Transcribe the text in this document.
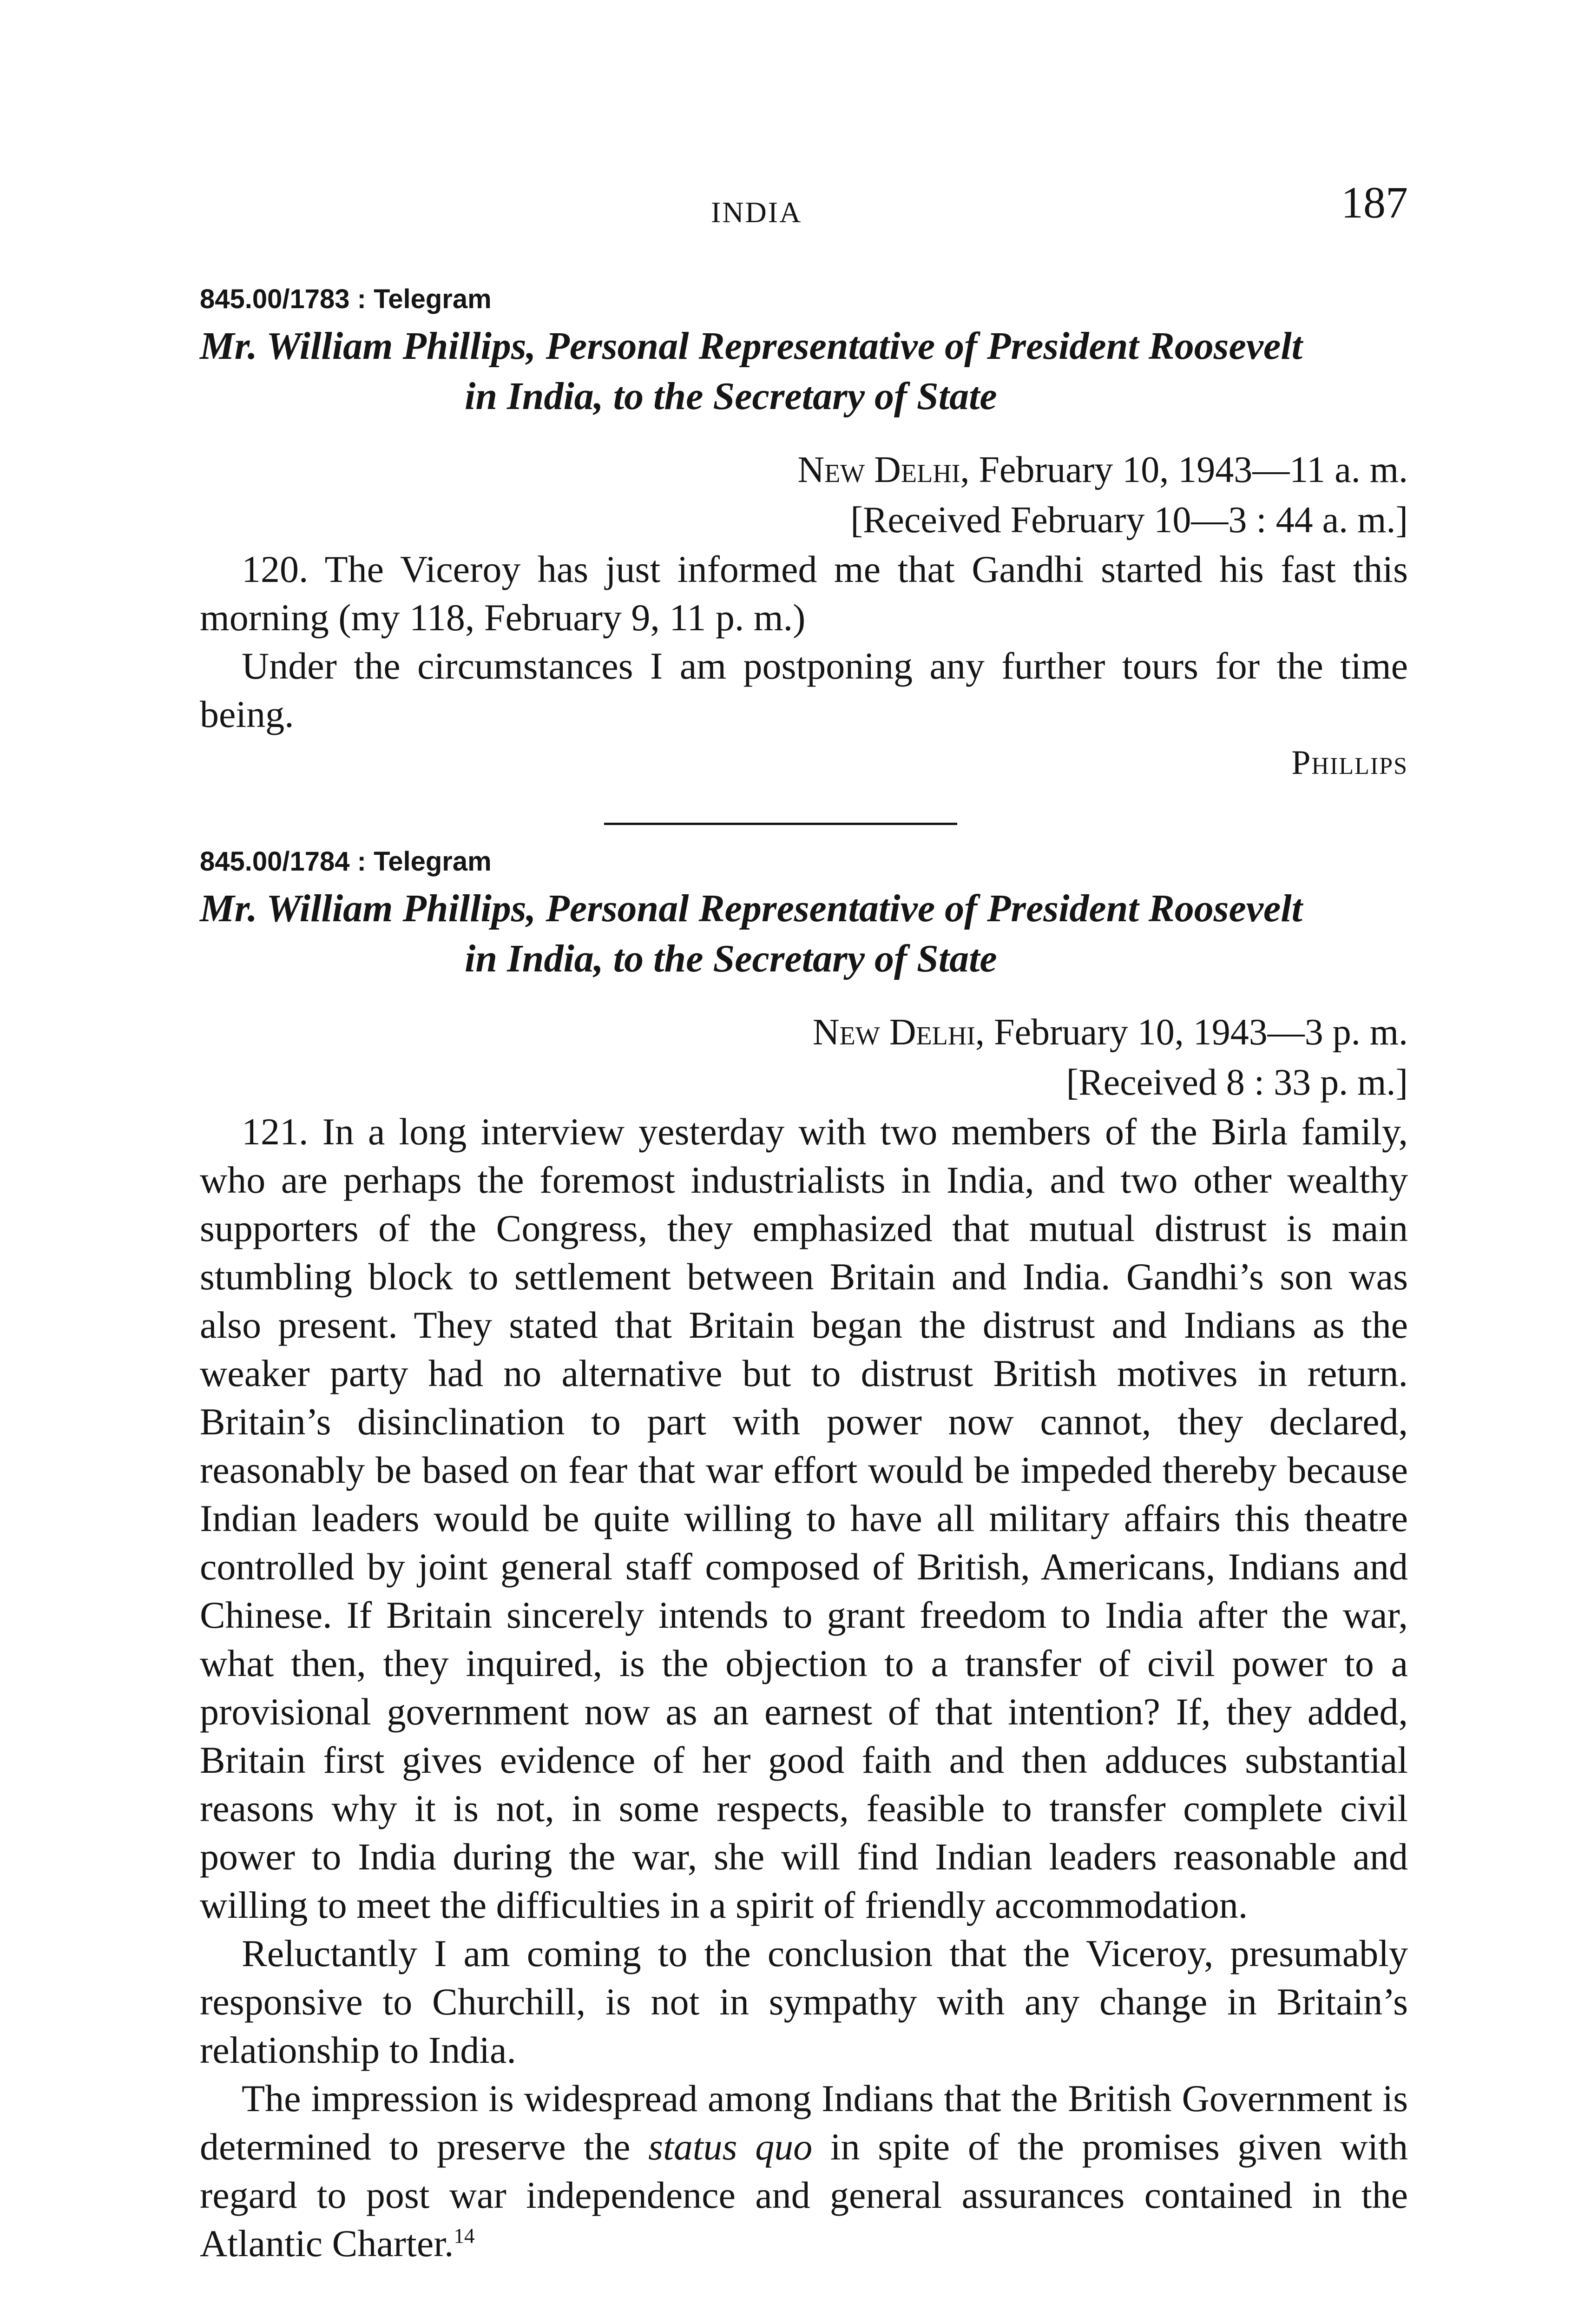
INDIA	187
845.00/1783 : Telegram
Mr. William Phillips, Personal Representative of President Roosevelt
in India, to the Secretary of State
New Delhi, February 10, 1943—11 a. m.
[Received February 10—3 : 44 a. m.]

120. The Viceroy has just informed me that Gandhi started his fast this morning (my 118, February 9, 11 p. m.)

Under the circumstances I am postponing any further tours for the time being.

Phillips
845.00/1784 : Telegram
Mr. William Phillips, Personal Representative of President Roosevelt
in India, to the Secretary of State
New Delhi, February 10, 1943—3 p. m.
[Received 8 : 33 p. m.]

121. In a long interview yesterday with two members of the Birla family, who are perhaps the foremost industrialists in India, and two other wealthy supporters of the Congress, they emphasized that mutual distrust is main stumbling block to settlement between Britain and India. Gandhi’s son was also present. They stated that Britain began the distrust and Indians as the weaker party had no alternative but to distrust British motives in return. Britain’s disinclination to part with power now cannot, they declared, reasonably be based on fear that war effort would be impeded thereby because Indian leaders would be quite willing to have all military affairs this theatre controlled by joint general staff composed of British, Americans, Indians and Chinese. If Britain sincerely intends to grant freedom to India after the war, what then, they inquired, is the objection to a transfer of civil power to a provisional government now as an earnest of that intention? If, they added, Britain first gives evidence of her good faith and then adduces substantial reasons why it is not, in some respects, feasible to transfer complete civil power to India during the war, she will find Indian leaders reasonable and willing to meet the difficulties in a spirit of friendly accommodation.

Reluctantly I am coming to the conclusion that the Viceroy, presumably responsive to Churchill, is not in sympathy with any change in Britain’s relationship to India.

The impression is widespread among Indians that the British Government is determined to preserve the status quo in spite of the promises given with regard to post war independence and general assurances contained in the Atlantic Charter.$^{14}$
